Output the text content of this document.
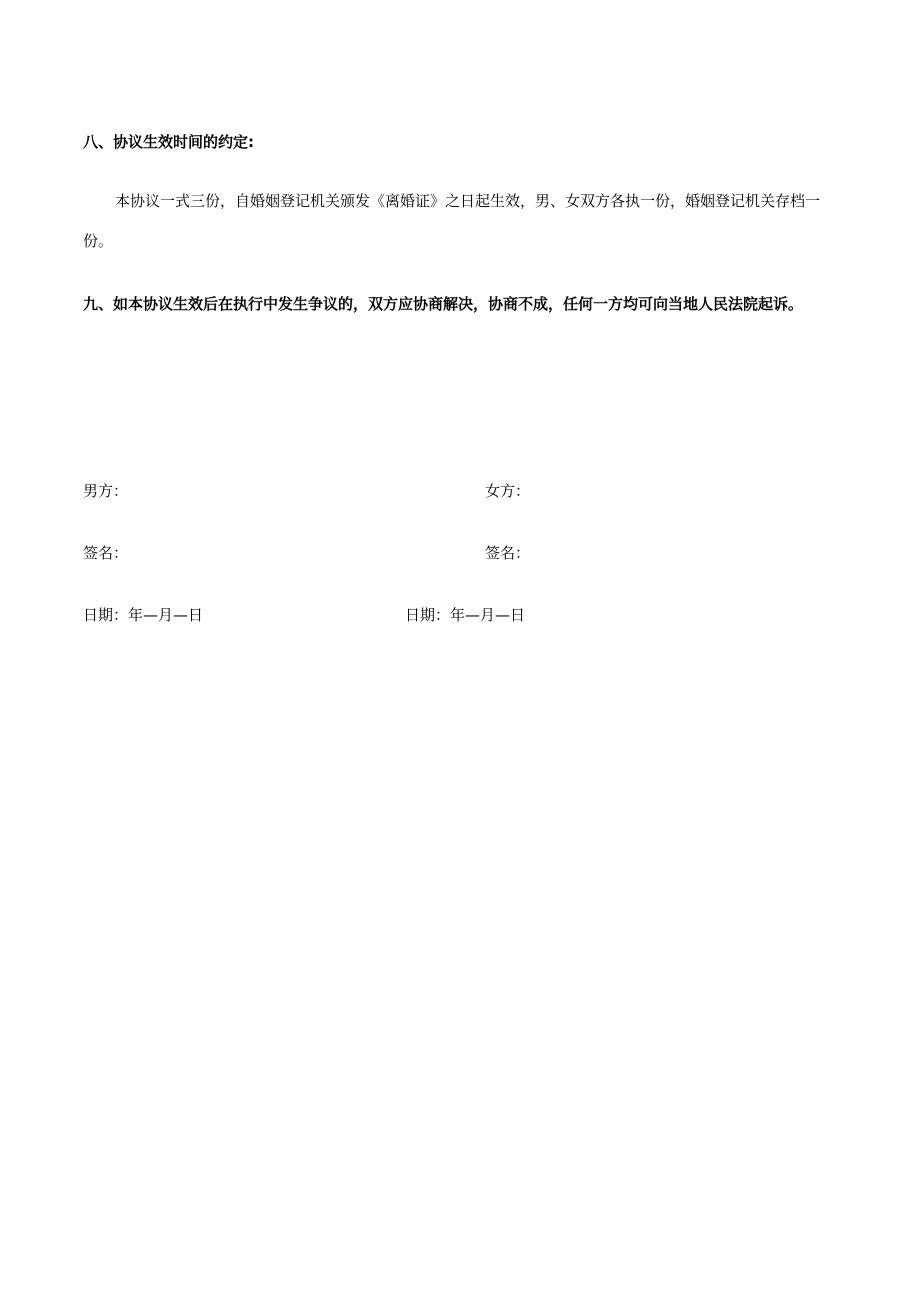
八、协议生效时间的约定:

本协议一式三份，自婚姻登记机关颁发《离婚证》之日起生效，男、女双方各执一份，婚姻登记机关存档一份。

九、如本协议生效后在执行中发生争议的，双方应协商解决，协商不成，任何一方均可向当地人民法院起诉。
男方：	女方：
签名：	签名：
日期：年—月—日	日期：年—月—日
